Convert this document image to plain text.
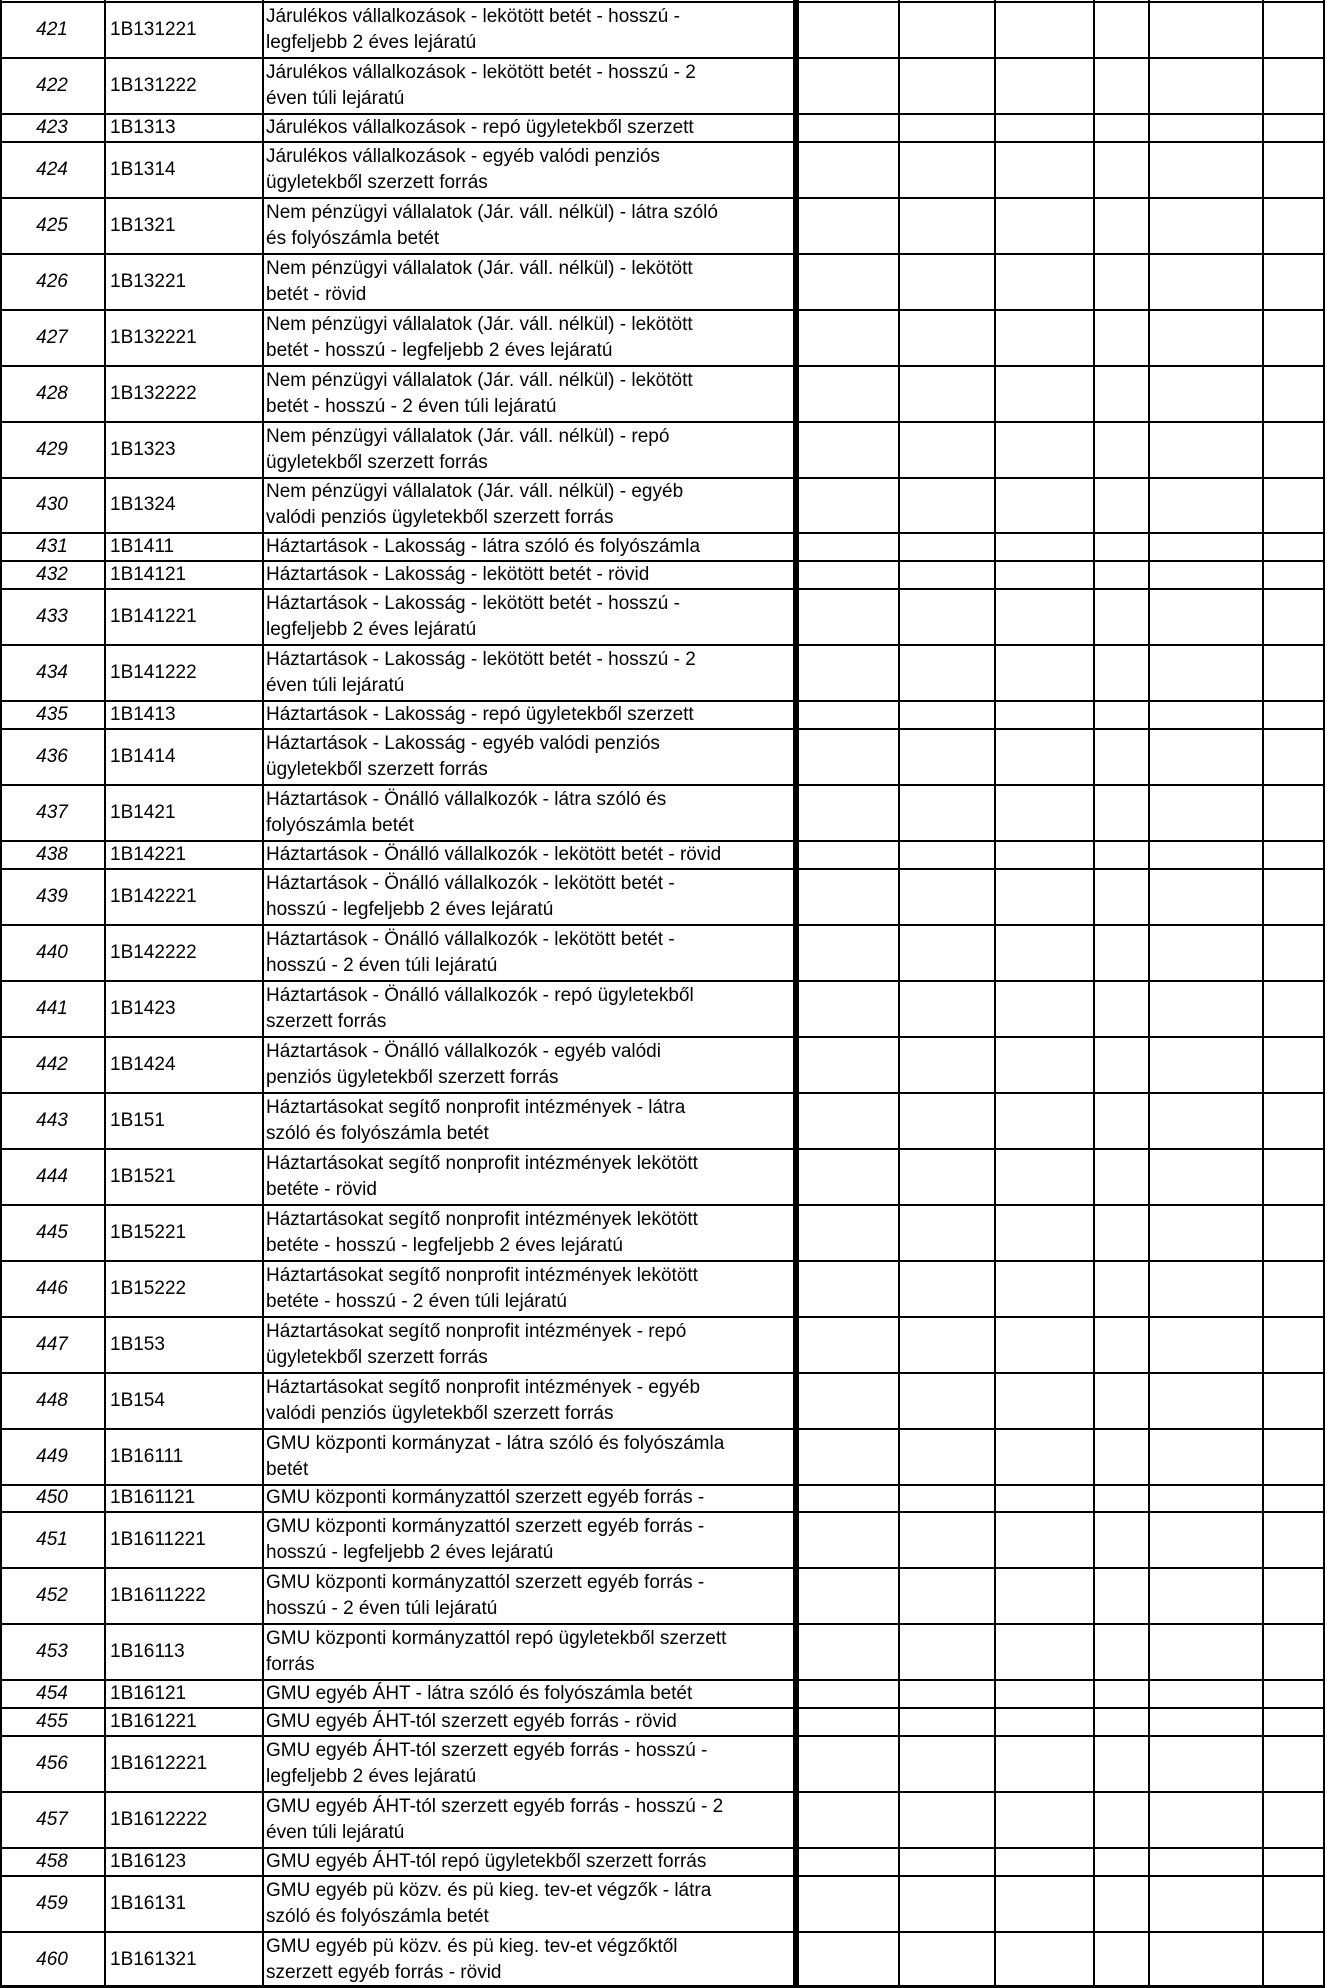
421	1B131221
Járulékos vállalkozások - lekötött betét - hosszú -
legfeljebb 2 éves lejáratú
422	1B131222
Járulékos vállalkozások - lekötött betét - hosszú - 2
éven túli lejáratú
423	1B1313	Járulékos vállalkozások - repó ügyletekből szerzett
424	1B1314
Járulékos vállalkozások - egyéb valódi penziós
ügyletekből szerzett forrás
425	1B1321
Nem pénzügyi vállalatok (Jár. váll. nélkül) - látra szóló
és folyószámla betét
426	1B13221
Nem pénzügyi vállalatok (Jár. váll. nélkül) - lekötött
betét - rövid
427	1B132221
Nem pénzügyi vállalatok (Jár. váll. nélkül) - lekötött
betét - hosszú - legfeljebb 2 éves lejáratú
428	1B132222
Nem pénzügyi vállalatok (Jár. váll. nélkül) - lekötött
betét - hosszú - 2 éven túli lejáratú
429	1B1323
Nem pénzügyi vállalatok (Jár. váll. nélkül) - repó
ügyletekből szerzett forrás
430	1B1324
Nem pénzügyi vállalatok (Jár. váll. nélkül) - egyéb
valódi penziós ügyletekből szerzett forrás
431	1B1411	Háztartások - Lakosság - látra szóló és folyószámla
432	1B14121	Háztartások - Lakosság - lekötött betét - rövid
433	1B141221
Háztartások - Lakosság - lekötött betét - hosszú -
legfeljebb 2 éves lejáratú
434	1B141222
Háztartások - Lakosság - lekötött betét - hosszú - 2
éven túli lejáratú
435	1B1413	Háztartások - Lakosság - repó ügyletekből szerzett
436	1B1414
Háztartások - Lakosság - egyéb valódi penziós
ügyletekből szerzett forrás
437	1B1421
Háztartások - Önálló vállalkozók - látra szóló és
folyószámla betét
438	1B14221	Háztartások - Önálló vállalkozók - lekötött betét - rövid
439	1B142221
Háztartások - Önálló vállalkozók - lekötött betét -
hosszú - legfeljebb 2 éves lejáratú
440	1B142222
Háztartások - Önálló vállalkozók - lekötött betét -
hosszú - 2 éven túli lejáratú
441	1B1423
Háztartások - Önálló vállalkozók - repó ügyletekből
szerzett forrás
442	1B1424
Háztartások - Önálló vállalkozók - egyéb valódi
penziós ügyletekből szerzett forrás
443	1B151
Háztartásokat segítő nonprofit intézmények - látra
szóló és folyószámla betét
444	1B1521
Háztartásokat segítő nonprofit intézmények lekötött
betéte - rövid
445	1B15221
Háztartásokat segítő nonprofit intézmények lekötött
betéte - hosszú - legfeljebb 2 éves lejáratú
446	1B15222
Háztartásokat segítő nonprofit intézmények lekötött
betéte - hosszú - 2 éven túli lejáratú
447	1B153
Háztartásokat segítő nonprofit intézmények - repó
ügyletekből szerzett forrás
448	1B154
Háztartásokat segítő nonprofit intézmények - egyéb
valódi penziós ügyletekből szerzett forrás
449	1B16111
GMU központi kormányzat - látra szóló és folyószámla
betét
450	1B161121	GMU központi kormányzattól szerzett egyéb forrás -
451	1B1611221
GMU központi kormányzattól szerzett egyéb forrás -
hosszú - legfeljebb 2 éves lejáratú
452	1B1611222
GMU központi kormányzattól szerzett egyéb forrás -
hosszú - 2 éven túli lejáratú
453	1B16113
GMU központi kormányzattól repó ügyletekből szerzett
forrás
454	1B16121	GMU egyéb ÁHT - látra szóló és folyószámla betét
455	1B161221	GMU egyéb ÁHT-tól szerzett egyéb forrás - rövid
456	1B1612221
GMU egyéb ÁHT-tól szerzett egyéb forrás - hosszú -
legfeljebb 2 éves lejáratú
457	1B1612222
GMU egyéb ÁHT-tól szerzett egyéb forrás - hosszú - 2
éven túli lejáratú
458	1B16123	GMU egyéb ÁHT-tól repó ügyletekből szerzett forrás
459	1B16131
GMU egyéb pü közv. és pü kieg. tev-et végzők - látra
szóló és folyószámla betét
460	1B161321
GMU egyéb pü közv. és pü kieg. tev-et végzőktől
szerzett egyéb forrás - rövid
